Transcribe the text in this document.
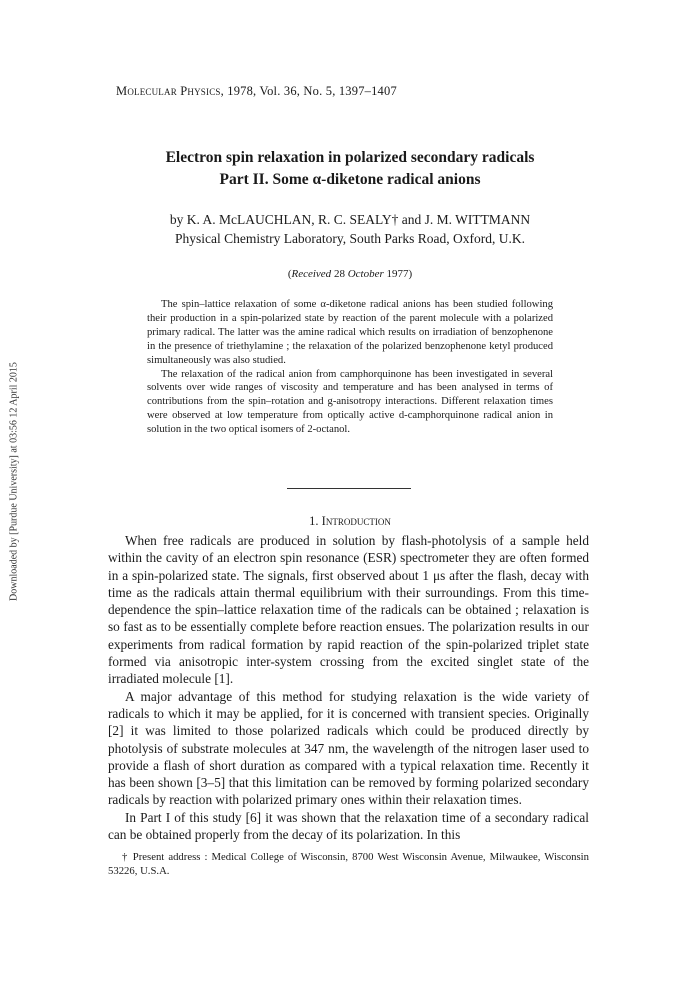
Downloaded by [Purdue University] at 03:56 12 April 2015
Molecular Physics, 1978, Vol. 36, No. 5, 1397–1407
Electron spin relaxation in polarized secondary radicals
Part II. Some α-diketone radical anions
by K. A. McLAUCHLAN, R. C. SEALY† and J. M. WITTMANN
Physical Chemistry Laboratory, South Parks Road, Oxford, U.K.
(Received 28 October 1977)

The spin–lattice relaxation of some α-diketone radical anions has been studied following their production in a spin-polarized state by reaction of the parent molecule with a polarized primary radical. The latter was the amine radical which results on irradiation of benzophenone in the presence of triethylamine ; the relaxation of the polarized benzophenone ketyl produced simultaneously was also studied.

The relaxation of the radical anion from camphorquinone has been investigated in several solvents over wide ranges of viscosity and temperature and has been analysed in terms of contributions from the spin–rotation and g-anisotropy interactions. Different relaxation times were observed at low temperature from optically active d-camphorquinone radical anion in solution in the two optical isomers of 2-octanol.

1. Introduction

When free radicals are produced in solution by flash-photolysis of a sample held within the cavity of an electron spin resonance (ESR) spectrometer they are often formed in a spin-polarized state. The signals, first observed about 1 μs after the flash, decay with time as the radicals attain thermal equilibrium with their surroundings. From this time-dependence the spin–lattice relaxation time of the radicals can be obtained ; relaxation is so fast as to be essentially complete before reaction ensues. The polarization results in our experiments from radical formation by rapid reaction of the spin-polarized triplet state formed via anisotropic inter-system crossing from the excited singlet state of the irradiated molecule [1].

A major advantage of this method for studying relaxation is the wide variety of radicals to which it may be applied, for it is concerned with transient species. Originally [2] it was limited to those polarized radicals which could be produced directly by photolysis of substrate molecules at 347 nm, the wavelength of the nitrogen laser used to provide a flash of short duration as compared with a typical relaxation time. Recently it has been shown [3–5] that this limitation can be removed by forming polarized secondary radicals by reaction with polarized primary ones within their relaxation times.

In Part I of this study [6] it was shown that the relaxation time of a secondary radical can be obtained properly from the decay of its polarization. In this

† Present address : Medical College of Wisconsin, 8700 West Wisconsin Avenue, Milwaukee, Wisconsin 53226, U.S.A.
